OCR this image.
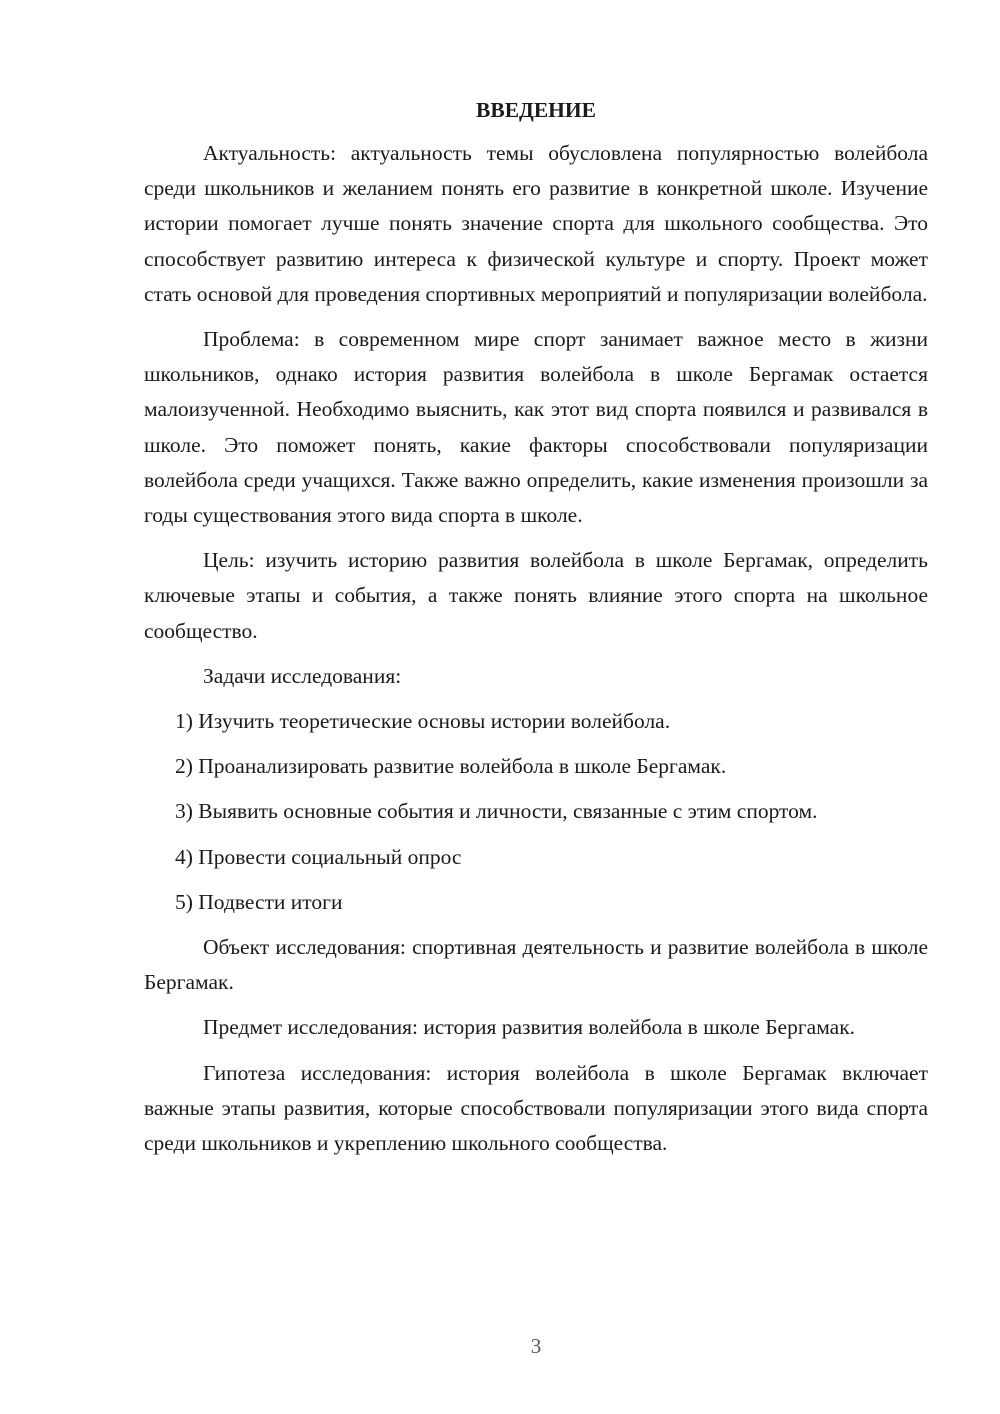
ВВЕДЕНИЕ

Актуальность: актуальность темы обусловлена популярностью волейбола среди школьников и желанием понять его развитие в конкретной школе. Изучение истории помогает лучше понять значение спорта для школьного сообщества. Это способствует развитию интереса к физической культуре и спорту. Проект может стать основой для проведения спортивных мероприятий и популяризации волейбола.

Проблема: в современном мире спорт занимает важное место в жизни школьников, однако история развития волейбола в школе Бергамак остается малоизученной. Необходимо выяснить, как этот вид спорта появился и развивался в школе. Это поможет понять, какие факторы способствовали популяризации волейбола среди учащихся. Также важно определить, какие изменения произошли за годы существования этого вида спорта в школе.

Цель: изучить историю развития волейбола в школе Бергамак, определить ключевые этапы и события, а также понять влияние этого спорта на школьное сообщество.

Задачи исследования:

1) Изучить теоретические основы истории волейбола.

2) Проанализировать развитие волейбола в школе Бергамак.

3) Выявить основные события и личности, связанные с этим спортом.

4) Провести социальный опрос

5) Подвести итоги

Объект исследования: спортивная деятельность и развитие волейбола в школе Бергамак.

Предмет исследования: история развития волейбола в школе Бергамак.

Гипотеза исследования: история волейбола в школе Бергамак включает важные этапы развития, которые способствовали популяризации этого вида спорта среди школьников и укреплению школьного сообщества.

3
